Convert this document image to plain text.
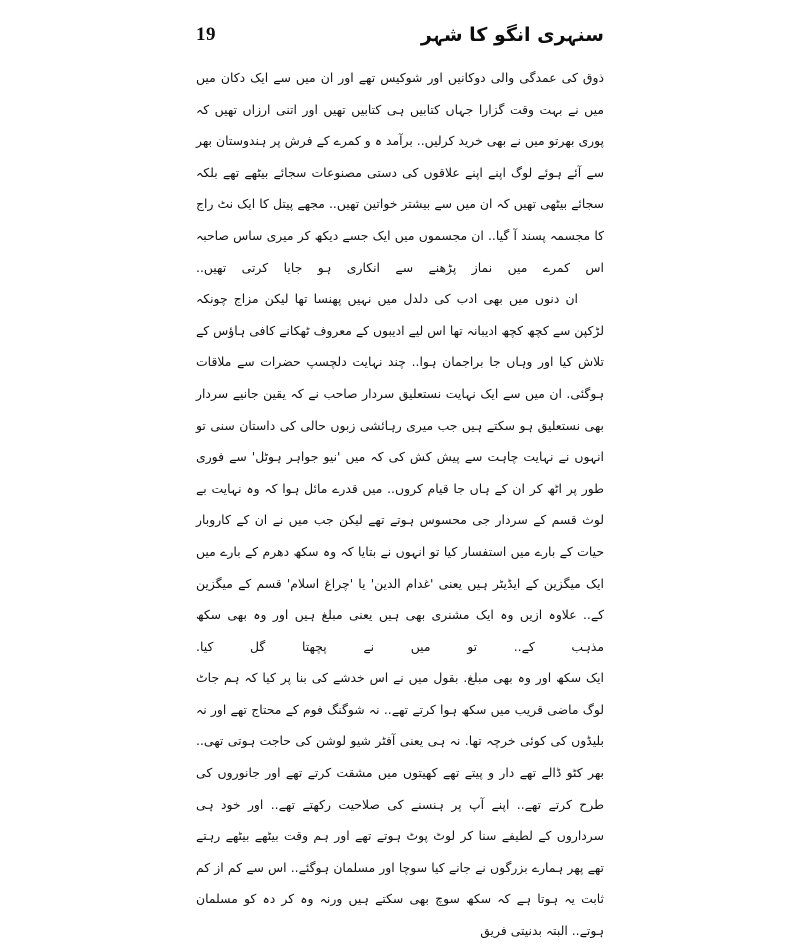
19	سنہری انگو کا شہر

ذوق کی عمدگی والی دوکانیں اور شوکیس تھے اور ان میں سے ایک دکان میں میں نے بہت وقت گزارا جہاں کتابیں ہی کتابیں تھیں اور اتنی ارزاں تھیں کہ پوری بھرتو میں نے بھی خرید کرلیں.. برآمد ہ و کمرے کے فرش پر ہندوستان بھر سے آئے ہوئے لوگ اپنے اپنے علاقوں کی دستی مصنوعات سجائے بیٹھے تھے بلکہ سجائے بیٹھی تھیں کہ ان میں سے بیشتر خواتین تھیں.. مجھے پیتل کا ایک نٹ راج کا مجسمہ پسند آ گیا.. ان مجسموں میں ایک جسے دیکھ کر میری ساس صاحبہ اس کمرے میں نماز پڑھنے سے انکاری ہو جایا کرتی تھیں..

ان دنوں میں بھی ادب کی دلدل میں نہیں پھنسا تھا لیکن مزاج چونکہ لڑکپن سے کچھ کچھ ادیبانہ تھا اس لیے ادیبوں کے معروف ٹھکانے کافی ہاؤس کے تلاش کیا اور وہاں جا براجمان ہوا.. چند نہایت دلچسپ حضرات سے ملاقات ہوگئی. ان میں سے ایک نہایت نستعلیق سردار صاحب نے کہ یقین جانیے سردار بھی نستعلیق ہو سکتے ہیں جب میری رہائشی زبوں حالی کی داستان سنی تو انہوں نے نہایت چاہت سے پیش کش کی کہ میں 'نیو جواہر ہوٹل' سے فوری طور پر اٹھ کر ان کے ہاں جا قیام کروں.. میں قدرے مائل ہوا کہ وہ نہایت بے لوث قسم کے سردار جی محسوس ہوتے تھے لیکن جب میں نے ان کے کاروبار حیات کے بارے میں استفسار کیا تو انہوں نے بتایا کہ وہ سکھ دھرم کے بارے میں ایک میگزین کے ایڈیٹر ہیں یعنی 'غدام الدین' یا 'چراغ اسلام' قسم کے میگزین کے.. علاوہ ازیں وہ ایک مشنری بھی ہیں یعنی مبلغ ہیں اور وہ بھی سکھ مذہب کے.. تو میں نے پچھتا گل کیا.

ایک سکھ اور وہ بھی مبلغ. بقول میں نے اس خدشے کی بنا پر کیا کہ ہم جاٹ لوگ ماضی قریب میں سکھ ہوا کرتے تھے.. نہ شوگنگ فوم کے محتاج تھے اور نہ بلیڈوں کی کوئی خرچہ تھا. نہ ہی یعنی آفٹر شیو لوشن کی حاجت ہوتی تھی.. بھر کٹو ڈالے تھے دار و پیتے تھے کھیتوں میں مشقت کرتے تھے اور جانوروں کی طرح کرتے تھے.. اپنے آپ پر ہنسنے کی صلاحیت رکھتے تھے.. اور خود ہی سرداروں کے لطیفے سنا کر لوٹ پوٹ ہوتے تھے اور ہم وقت بیٹھے بیٹھے رہتے تھے پھر ہمارے بزرگوں نے جانے کیا سوچا اور مسلمان ہوگئے.. اس سے کم از کم ثابت یہ ہوتا ہے کہ سکھ سوچ بھی سکتے ہیں ورنہ وہ کر دہ کو مسلمان ہوتے.. البتہ بدنیتی فریق
